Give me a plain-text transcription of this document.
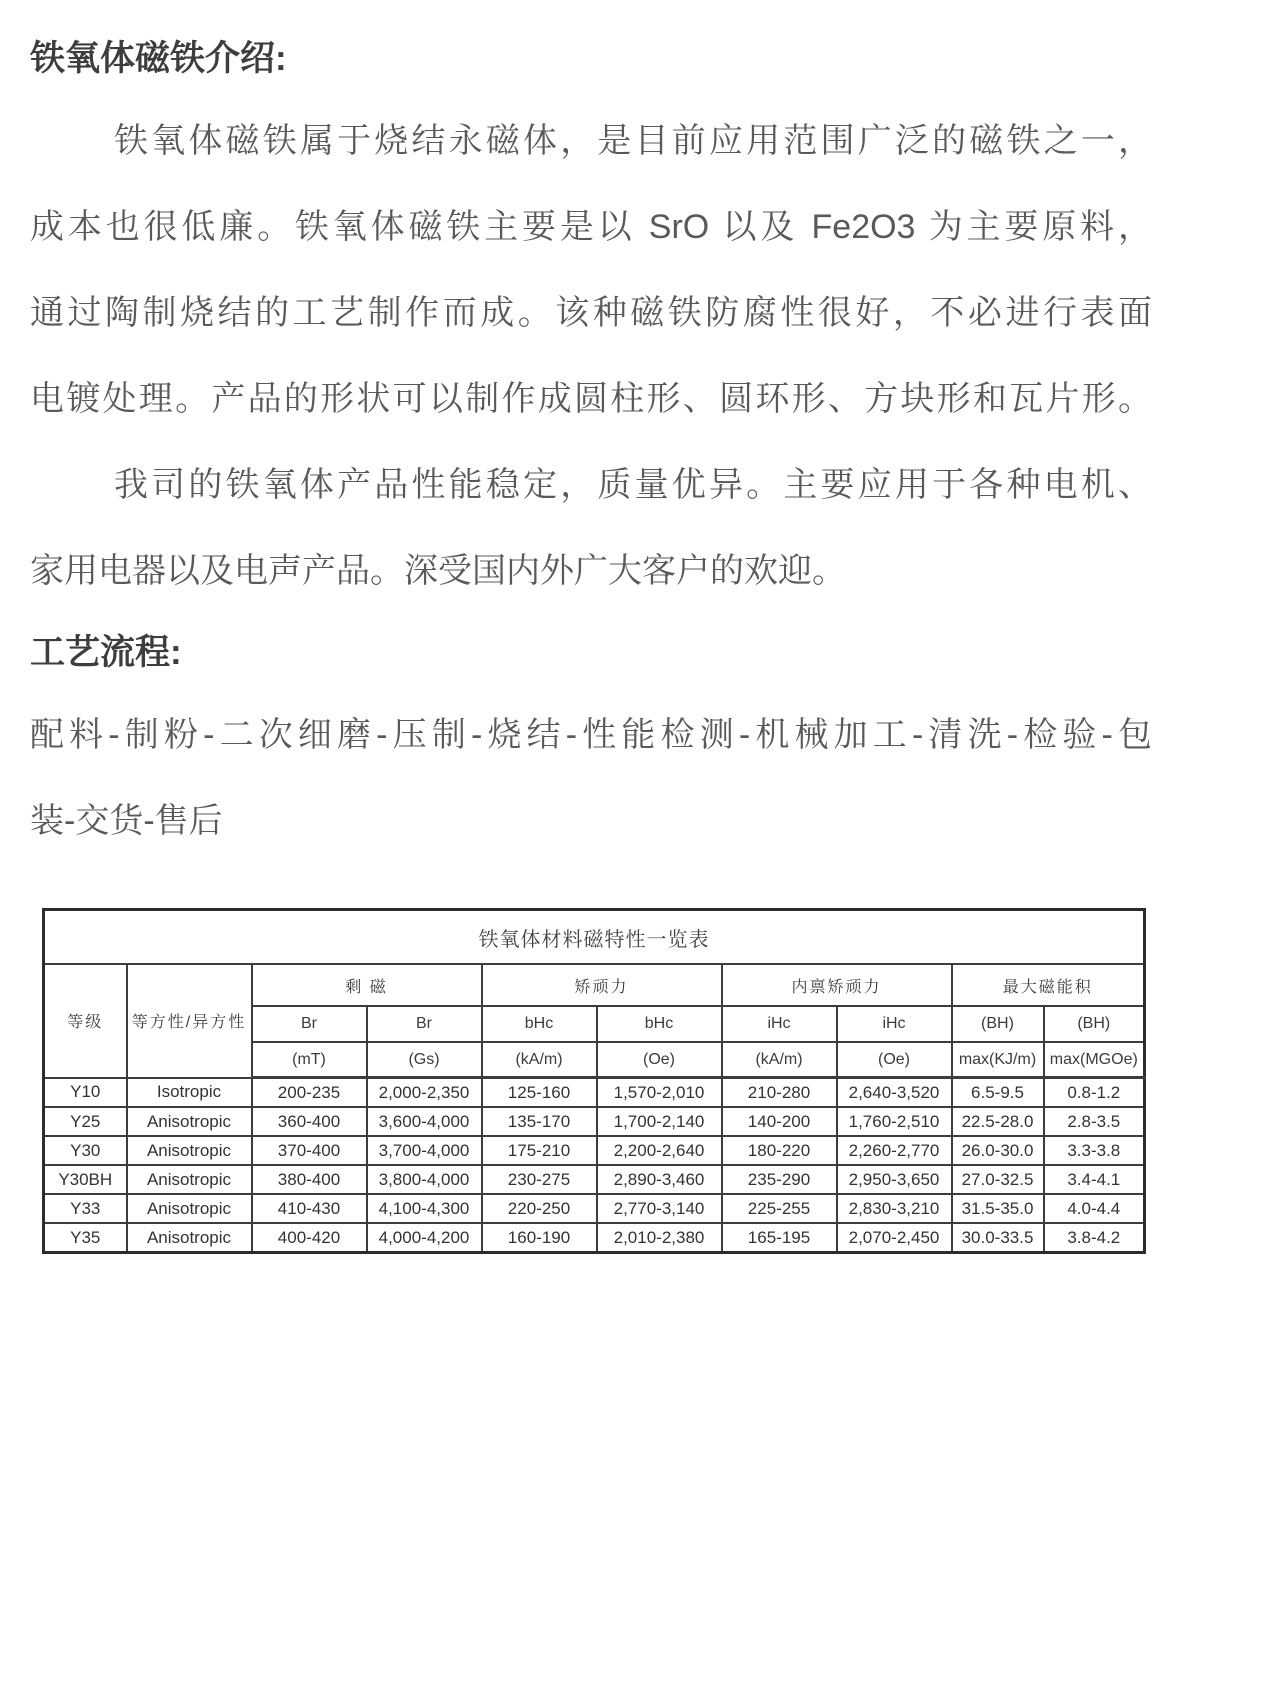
铁氧体磁铁介绍:
铁氧体磁铁属于烧结永磁体，是目前应用范围广泛的磁铁之一，
成本也很低廉。铁氧体磁铁主要是以 SrO 以及 Fe2O3 为主要原料，
通过陶制烧结的工艺制作而成。该种磁铁防腐性很好，不必进行表面
电镀处理。产品的形状可以制作成圆柱形、圆环形、方块形和瓦片形。
我司的铁氧体产品性能稳定，质量优异。主要应用于各种电机、
家用电器以及电声产品。深受国内外广大客户的欢迎。
工艺流程:
配料-制粉-二次细磨-压制-烧结-性能检测-机械加工-清洗-检验-包
装-交货-售后
铁氧体材料磁特性一览表									
等级	等方性/异方性	剩 磁		矫顽力		内禀矫顽力		最大磁能积	
		Br	Br	bHc	bHc	iHc	iHc	(BH)	(BH)
		(mT)	(Gs)	(kA/m)	(Oe)	(kA/m)	(Oe)	max(KJ/m)	max(MGOe)
Y10	Isotropic	200-235	2,000-2,350	125-160	1,570-2,010	210-280	2,640-3,520	6.5-9.5	0.8-1.2
Y25	Anisotropic	360-400	3,600-4,000	135-170	1,700-2,140	140-200	1,760-2,510	22.5-28.0	2.8-3.5
Y30	Anisotropic	370-400	3,700-4,000	175-210	2,200-2,640	180-220	2,260-2,770	26.0-30.0	3.3-3.8
Y30BH	Anisotropic	380-400	3,800-4,000	230-275	2,890-3,460	235-290	2,950-3,650	27.0-32.5	3.4-4.1
Y33	Anisotropic	410-430	4,100-4,300	220-250	2,770-3,140	225-255	2,830-3,210	31.5-35.0	4.0-4.4
Y35	Anisotropic	400-420	4,000-4,200	160-190	2,010-2,380	165-195	2,070-2,450	30.0-33.5	3.8-4.2
